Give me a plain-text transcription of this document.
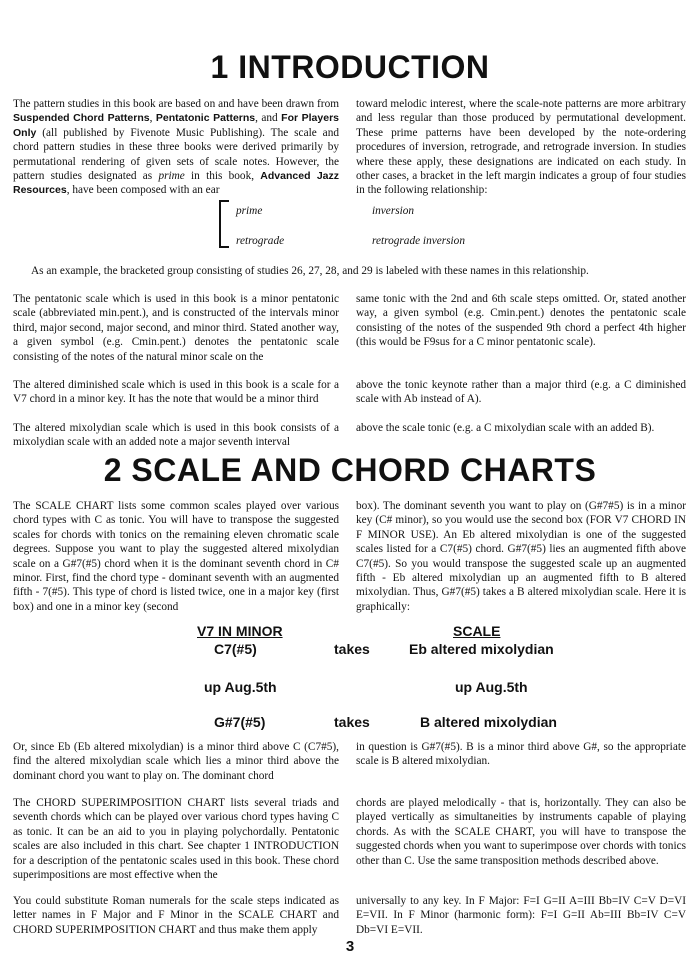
1 INTRODUCTION
The pattern studies in this book are based on and have been drawn from Suspended Chord Patterns, Pentatonic Patterns, and For Players Only (all published by Fivenote Music Publishing). The scale and chord pattern studies in these three books were derived primarily by permutational rendering of given sets of scale notes. However, the pattern studies designated as prime in this book, Advanced Jazz Resources, have been composed with an ear
toward melodic interest, where the scale-note patterns are more arbitrary and less regular than those produced by permutational development. These prime patterns have been developed by the note-ordering procedures of inversion, retrograde, and retrograde inversion. In studies where these apply, these designations are indicated on each study. In other cases, a bracket in the left margin indicates a group of four studies in the following relationship:
prime	inversion
retrograde	retrograde inversion
As an example, the bracketed group consisting of studies 26, 27, 28, and 29 is labeled with these names in this relationship.
The pentatonic scale which is used in this book is a minor pentatonic scale (abbreviated min.pent.), and is constructed of the intervals minor third, major second, major second, and minor third. Stated another way, a given symbol (e.g. Cmin.pent.) denotes the pentatonic scale consisting of the notes of the natural minor scale on the
same tonic with the 2nd and 6th scale steps omitted. Or, stated another way, a given symbol (e.g. Cmin.pent.) denotes the pentatonic scale consisting of the notes of the suspended 9th chord a perfect 4th higher (this would be F9sus for a C minor pentatonic scale).
The altered diminished scale which is used in this book is a scale for a V7 chord in a minor key. It has the note that would be a minor third
above the tonic keynote rather than a major third (e.g. a C diminished scale with Ab instead of A).
The altered mixolydian scale which is used in this book consists of a mixolydian scale with an added note a major seventh interval
above the scale tonic (e.g. a C mixolydian scale with an added B).
2 SCALE AND CHORD CHARTS
The SCALE CHART lists some common scales played over various chord types with C as tonic. You will have to transpose the suggested scales for chords with tonics on the remaining eleven chromatic scale degrees. Suppose you want to play the suggested altered mixolydian scale on a G#7(#5) chord when it is the dominant seventh chord in C# minor. First, find the chord type - dominant seventh with an augmented fifth - 7(#5). This type of chord is listed twice, one in a major key (first box) and one in a minor key (second
box). The dominant seventh you want to play on (G#7#5) is in a minor key (C# minor), so you would use the second box (FOR V7 CHORD IN F MINOR USE). An Eb altered mixolydian is one of the suggested scales listed for a C7(#5) chord. G#7(#5) lies an augmented fifth above C7(#5). So you would transpose the suggested scale up an augmented fifth - Eb altered mixolydian up an augmented fifth to B altered mixolydian. Thus, G#7(#5) takes a B altered mixolydian scale. Here it is graphically:
V7 IN MINOR	SCALE
C7(#5)	takes	Eb altered mixolydian
up Aug.5th	up Aug.5th
G#7(#5)	takes	B altered mixolydian
Or, since Eb (Eb altered mixolydian) is a minor third above C (C7#5), find the altered mixolydian scale which lies a minor third above the dominant chord you want to play on. The dominant chord
in question is G#7(#5). B is a minor third above G#, so the appropriate scale is B altered mixolydian.
The CHORD SUPERIMPOSITION CHART lists several triads and seventh chords which can be played over various chord types having C as tonic. It can be an aid to you in playing polychordally. Pentatonic scales are also included in this chart. See chapter 1 INTRODUCTION for a description of the pentatonic scales used in this book. These chord superimpositions are most effective when the
chords are played melodically - that is, horizontally. They can also be played vertically as simultaneities by instruments capable of playing chords. As with the SCALE CHART, you will have to transpose the suggested chords when you want to superimpose over chords with tonics other than C. Use the same transposition methods described above.
You could substitute Roman numerals for the scale steps indicated as letter names in F Major and F Minor in the SCALE CHART and CHORD SUPERIMPOSITION CHART and thus make them apply
universally to any key. In F Major: F=I G=II A=III Bb=IV C=V D=VI E=VII. In F Minor (harmonic form): F=I G=II Ab=III Bb=IV C=V Db=VI E=VII.
3
